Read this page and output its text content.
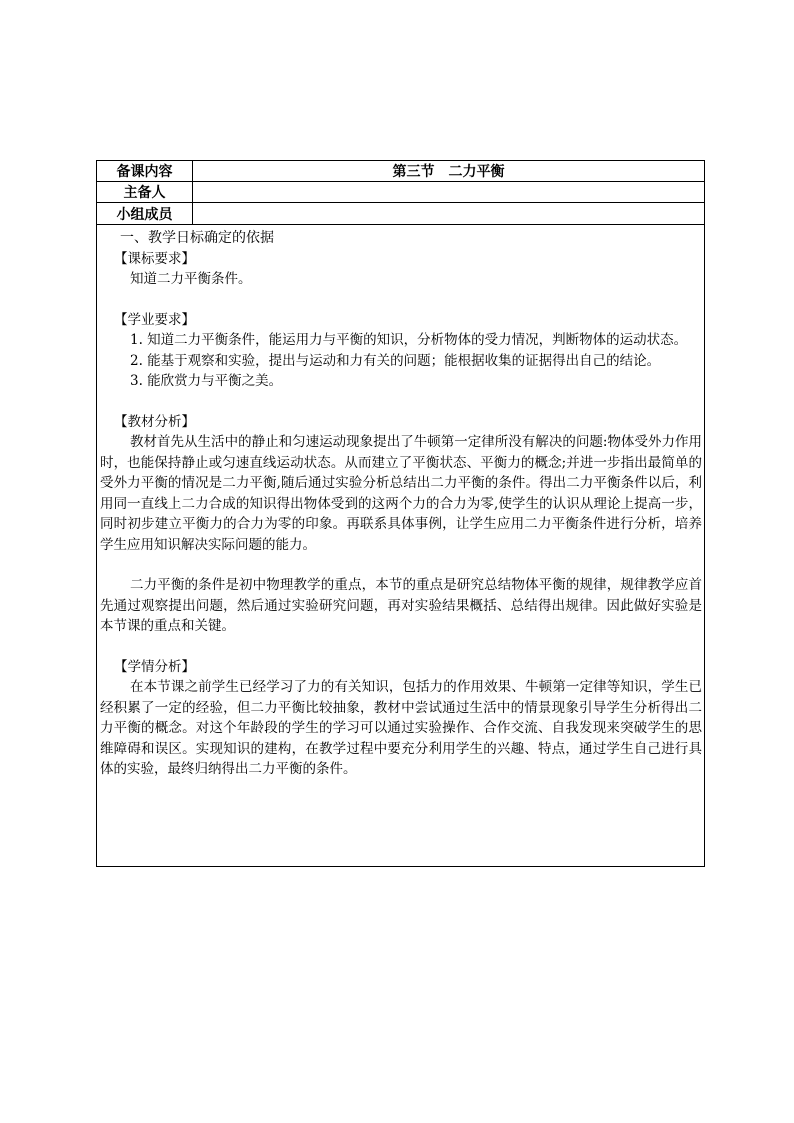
备课内容	第三节　二力平衡
主备人
小组成员

一、教学日标确定的依据

【课标要求】

知道二力平衡条件。

【学业要求】

1. 知道二力平衡条件，能运用力与平衡的知识，分析物体的受力情况，判断物体的运动状态。

2. 能基于观察和实验，提出与运动和力有关的问题；能根据收集的证据得出自己的结论。

3. 能欣赏力与平衡之美。

【教材分析】

教材首先从生活中的静止和匀速运动现象提出了牛顿第一定律所没有解决的问题:物体受外力作用时，也能保持静止或匀速直线运动状态。从而建立了平衡状态、平衡力的概念;并进一步指出最简单的受外力平衡的情况是二力平衡,随后通过实验分析总结出二力平衡的条件。得出二力平衡条件以后，利用同一直线上二力合成的知识得出物体受到的这两个力的合力为零,使学生的认识从理论上提高一步，同时初步建立平衡力的合力为零的印象。再联系具体事例，让学生应用二力平衡条件进行分析，培养学生应用知识解决实际问题的能力。

二力平衡的条件是初中物理教学的重点，本节的重点是研究总结物体平衡的规律，规律教学应首先通过观察提出问题，然后通过实验研究问题，再对实验结果概括、总结得出规律。因此做好实验是本节课的重点和关键。

【学情分析】

在本节课之前学生已经学习了力的有关知识，包括力的作用效果、牛顿第一定律等知识，学生已经积累了一定的经验，但二力平衡比较抽象，教材中尝试通过生活中的情景现象引导学生分析得出二力平衡的概念。对这个年龄段的学生的学习可以通过实验操作、合作交流、自我发现来突破学生的思维障碍和误区。实现知识的建构，在教学过程中要充分利用学生的兴趣、特点，通过学生自己进行具体的实验，最终归纳得出二力平衡的条件。
